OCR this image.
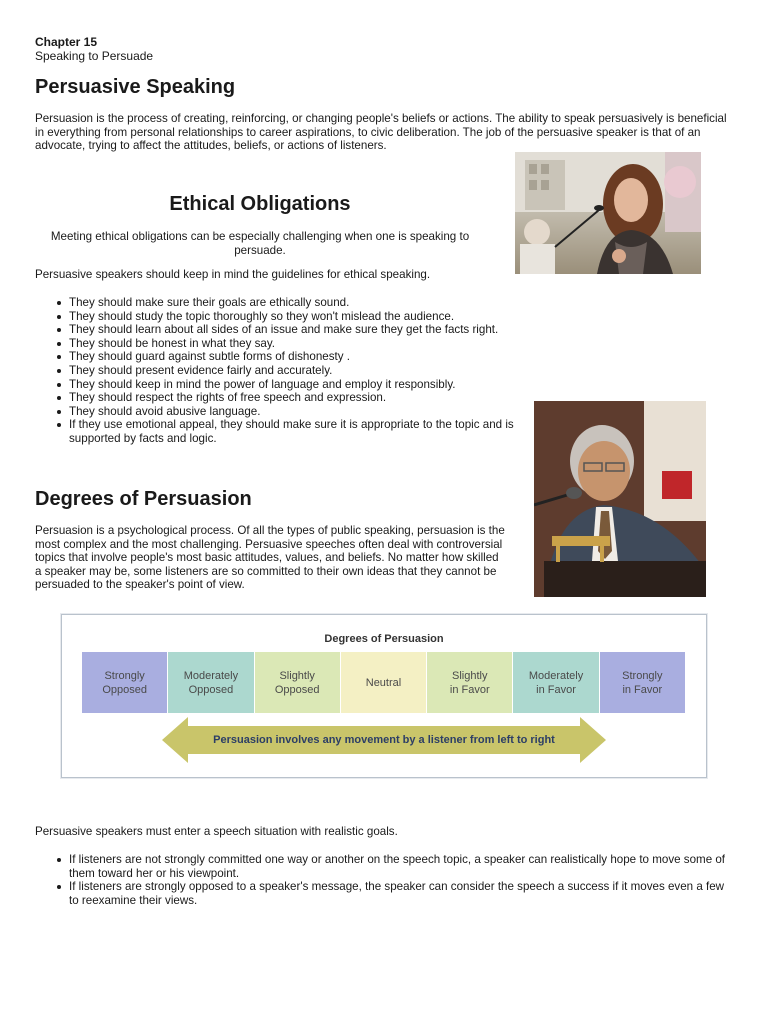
Chapter 15
Speaking to Persuade
Persuasive Speaking

Persuasion is the process of creating, reinforcing, or changing people's beliefs or actions. The ability to speak persuasively is beneficial in everything from personal relationships to career aspirations, to civic deliberation. The job of the persuasive speaker is that of an advocate, trying to affect the attitudes, beliefs, or actions of listeners.

Ethical Obligations

Meeting ethical obligations can be especially challenging when one is speaking to persuade.

Persuasive speakers should keep in mind the guidelines for ethical speaking.

They should make sure their goals are ethically sound.
They should study the topic thoroughly so they won't mislead the audience.
They should learn about all sides of an issue and make sure they get the facts right.
They should be honest in what they say.
They should guard against subtle forms of dishonesty .
They should present evidence fairly and accurately.
They should keep in mind the power of language and employ it responsibly.
They should respect the rights of free speech and expression.
They should avoid abusive language.
If they use emotional appeal, they should make sure it is appropriate to the topic and is supported by facts and logic.
Degrees of Persuasion

Persuasion is a psychological process. Of all the types of public speaking, persuasion is the most complex and the most challenging. Persuasive speeches often deal with controversial topics that involve people's most basic attitudes, values, and beliefs. No matter how skilled a speaker may be, some listeners are so committed to their own ideas that they cannot be persuaded to the speaker's point of view.

Degrees of Persuasion
Strongly
Opposed
Moderately
Opposed
Slightly
Opposed
Neutral
Slightly
in Favor
Moderately
in Favor
Strongly
in Favor
Persuasion involves any movement by a listener from left to right

Persuasive speakers must enter a speech situation with realistic goals.

If listeners are not strongly committed one way or another on the speech topic, a speaker can realistically hope to move some of them toward her or his viewpoint.
If listeners are strongly opposed to a speaker's message, the speaker can consider the speech a success if it moves even a few to reexamine their views.
